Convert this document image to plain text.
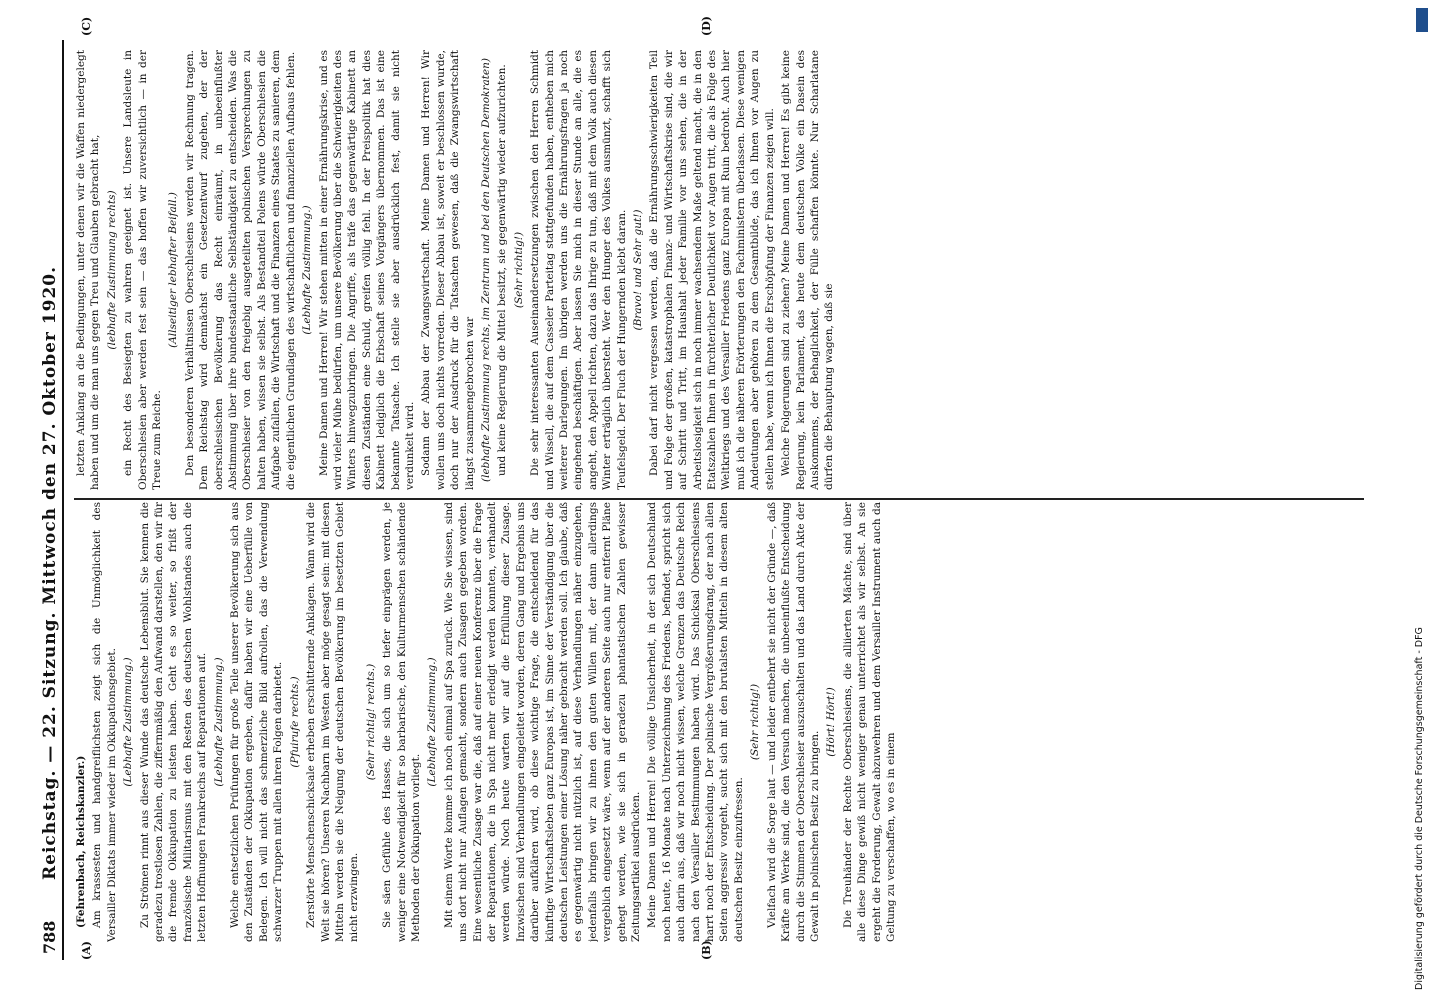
788
Reichstag. — 22. Sitzung. Mittwoch den 27. Oktober 1920.
(A)	(B)
(C)	(D)

(Fehrenbach, Reichskanzler.) Am krassesten und handgreiflichsten zeigt sich die Unmöglichkeit des Versailler Diktats immer wieder im Okkupationsgebiet. (Lebhafte Zustimmung.) Zu Strömen rinnt aus dieser Wunde das deutsche Lebensblut. Sie kennen die geradezu trostlosen Zahlen, die ziffernmäßig den Aufwand darstellen, den wir für die fremde Okkupation zu leisten haben. Geht es so weiter, so frißt der französische Militarismus mit den Resten des deutschen Wohlstandes auch die letzten Hoffnungen Frankreichs auf Reparationen auf. (Lebhafte Zustimmung.) Welche entsetzlichen Prüfungen für große Teile unserer Bevölkerung sich aus den Zuständen der Okkupation ergeben, dafür haben wir eine Ueberfülle von Belegen. Ich will nicht das schmerzliche Bild aufrollen, das die Verwendung schwarzer Truppen mit allen ihren Folgen darbietet. (Pfuirufe rechts.) Zerstörte Menschenschicksale erheben erschütternde Anklagen. Wann wird die Welt sie hören? Unseren Nachbarn im Westen aber möge gesagt sein: mit diesen Mitteln werden sie die Neigung der deutschen Bevölkerung im besetzten Gebiet nicht erzwingen.

(Sehr richtig! rechts.) Sie säen Gefühle des Hasses, die sich um so tiefer einprägen werden, je weniger eine Notwendigkeit für so barbarische, den Kulturmenschen schändende Methoden der Okkupation vorliegt.

(Lebhafte Zustimmung.) Mit einem Worte komme ich noch einmal auf Spa zurück. Wie Sie wissen, sind uns dort nicht nur Auflagen gemacht, sondern auch Zusagen gegeben worden. Eine wesentliche Zusage war die, daß auf einer neuen Konferenz über die Frage der Reparationen, die in Spa nicht mehr erledigt werden konnten, verhandelt werden würde. Noch heute warten wir auf die Erfüllung dieser Zusage. Inzwischen sind Verhandlungen eingeleitet worden, deren Gang und Ergebnis uns darüber aufklären wird, ob diese wichtige Frage, die entscheidend für das künftige Wirtschaftsleben ganz Europas ist, im Sinne der Verständigung über die deutschen Leistungen einer Lösung näher gebracht werden soll. Ich glaube, daß es gegenwärtig nicht nützlich ist, auf diese Verhandlungen näher einzugehen, jedenfalls bringen wir zu ihnen den guten Willen mit, der dann allerdings vergeblich eingesetzt wäre, wenn auf der anderen Seite auch nur entfernt Pläne gehegt werden, wie sie sich in geradezu phantastischen Zahlen gewisser Zeitungsartikel ausdrücken. Meine Damen und Herren! Die völlige Unsicherheit, in der sich Deutschland noch heute, 16 Monate nach Unterzeichnung des Friedens, befindet, spricht sich auch darin aus, daß wir noch nicht wissen, welche Grenzen das Deutsche Reich nach den Versailler Bestimmungen haben wird. Das Schicksal Oberschlesiens harrt noch der Entscheidung. Der polnische Vergrößerungsdrang, der nach allen Seiten aggressiv vorgeht, sucht sich mit den brutalsten Mitteln in diesem alten deutschen Besitz einzufressen.

(Sehr richtig!) Vielfach wird die Sorge laut — und leider entbehrt sie nicht der Gründe —, daß Kräfte am Werke sind, die den Versuch machen, die unbeeinflußte Entscheidung durch die Stimmen der Oberschlesier auszuschalten und das Land durch Akte der Gewalt in polnischen Besitz zu bringen.

(Hört! Hört!) Die Treuhänder der Rechte Oberschlesiens, die alliierten Mächte, sind über alle diese Dinge gewiß nicht weniger genau unterrichtet als wir selbst. An sie ergeht die Forderung, Gewalt abzuwehren und dem Versailler Instrument auch da Geltung zu verschaffen, wo es in einem

letzten Anklang an die Bedingungen, unter denen wir die Waffen niedergelegt haben und um die man uns gegen Treu und Glauben gebracht hat, (lebhafte Zustimmung rechts) ein Recht des Besiegten zu wahren geeignet ist. Unsere Landsleute in Oberschlesien aber werden fest sein — das hoffen wir zuversichtlich — in der Treue zum Reiche.

(Allseitiger lebhafter Beifall.) Den besonderen Verhältnissen Oberschlesiens werden wir Rechnung tragen. Dem Reichstag wird demnächst ein Gesetzentwurf zugehen, der der oberschlesischen Bevölkerung das Recht einräumt, in unbeeinflußter Abstimmung über ihre bundesstaatliche Selbständigkeit zu entscheiden. Was die Oberschlesier von den freigebig ausgeteilten polnischen Versprechungen zu halten haben, wissen sie selbst. Als Bestandteil Polens würde Oberschlesien die Aufgabe zufallen, die Wirtschaft und die Finanzen eines Staates zu sanieren, dem die eigentlichen Grundlagen des wirtschaftlichen und finanziellen Aufbaus fehlen. (Lebhafte Zustimmung.) Meine Damen und Herren! Wir stehen mitten in einer Ernährungskrise, und es wird vieler Mühe bedürfen, um unsere Bevölkerung über die Schwierigkeiten des Winters hinwegzubringen. Die Angriffe, als träfe das gegenwärtige Kabinett an diesen Zuständen eine Schuld, greifen völlig fehl. In der Preispolitik hat dies Kabinett lediglich die Erbschaft seines Vorgängers übernommen. Das ist eine bekannte Tatsache. Ich stelle sie aber ausdrücklich fest, damit sie nicht verdunkelt wird. Sodann der Abbau der Zwangswirtschaft. Meine Damen und Herren! Wir wollen uns doch nichts vorreden. Dieser Abbau ist, soweit er beschlossen wurde, doch nur der Ausdruck für die Tatsachen gewesen, daß die Zwangswirtschaft längst zusammengebrochen war (lebhafte Zustimmung rechts, im Zentrum und bei den Deutschen Demokraten) und keine Regierung die Mittel besitzt, sie gegenwärtig wieder aufzurichten. (Sehr richtig!) Die sehr interessanten Auseinandersetzungen zwischen den Herren Schmidt und Wissell, die auf dem Casseler Parteitag stattgefunden haben, entheben mich weiterer Darlegungen. Im übrigen werden uns die Ernährungsfragen ja noch eingehend beschäftigen. Aber lassen Sie mich in dieser Stunde an alle, die es angeht, den Appell richten, dazu das Ihrige zu tun, daß mit dem Volk auch diesen Winter erträglich übersteht. Wer den Hunger des Volkes ausmünzt, schafft sich Teufelsgeld. Der Fluch der Hungernden klebt daran. (Bravo! und Sehr gut!) Dabei darf nicht vergessen werden, daß die Ernährungsschwierigkeiten Teil und Folge der großen, katastrophalen Finanz- und Wirtschaftskrise sind, die wir auf Schritt und Tritt, im Haushalt jeder Familie vor uns sehen, die in der Arbeitslosigkeit sich in noch immer wachsendem Maße geltend macht, die in den Etatszahlen Ihnen in fürchterlicher Deutlichkeit vor Augen tritt, die als Folge des Weltkriegs und des Versailler Friedens ganz Europa mit Ruin bedroht. Auch hier muß ich die näheren Erörterungen den Fachministern überlassen. Diese wenigen Andeutungen aber gehören zu dem Gesamtbilde, das ich Ihnen vor Augen zu stellen habe, wenn ich Ihnen die Erschöpfung der Finanzen zeigen will. Welche Folgerungen sind zu ziehen? Meine Damen und Herren! Es gibt keine Regierung, kein Parlament, das heute dem deutschen Volke ein Dasein des Auskommens, der Behaglichkeit, der Fülle schaffen könnte. Nur Scharlatane dürfen die Behauptung wagen, daß sie

Digitalisierung gefördert durch die Deutsche Forschungsgemeinschaft - DFG
